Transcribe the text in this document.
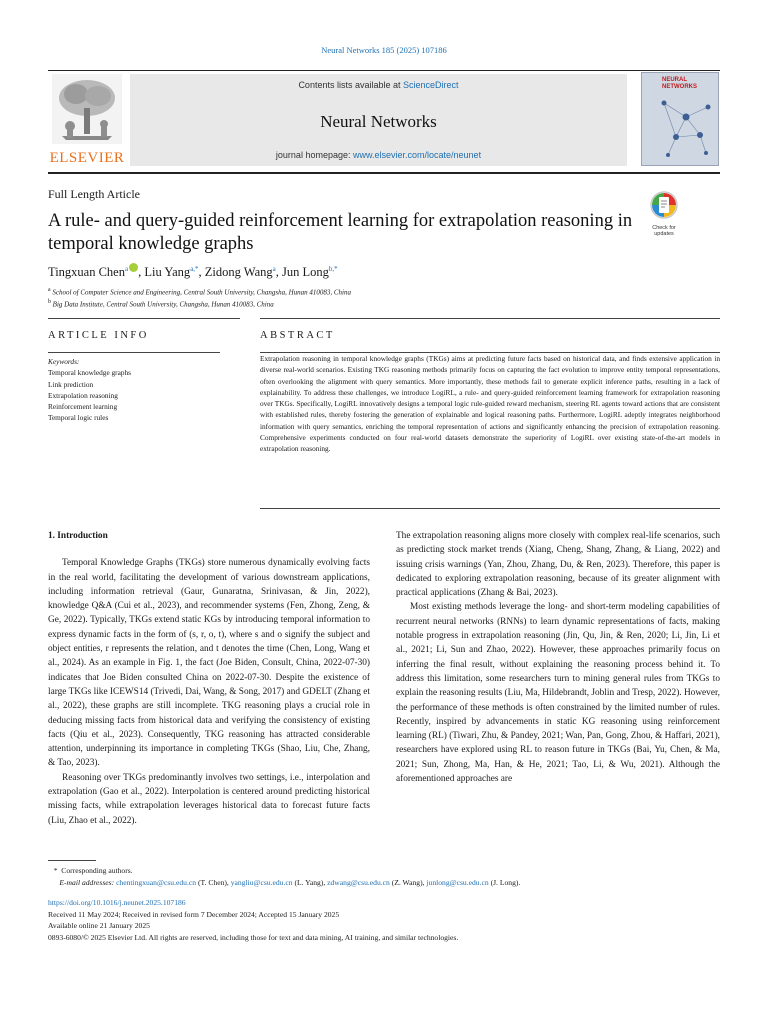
Neural Networks 185 (2025) 107186
ELSEVIER
Contents lists available at ScienceDirect
Neural Networks
journal homepage: www.elsevier.com/locate/neunet
NEURAL NETWORKS
Full Length Article
A rule- and query-guided reinforcement learning for extrapolation reasoning in temporal knowledge graphs
Check for updates
Tingxuan Chen$^a$ , Liu Yang$^{a,*}$, Zidong Wang$^a$, Jun Long$^{b,*}$
$^a$ School of Computer Science and Engineering, Central South University, Changsha, Hunan 410083, China
$^b$ Big Data Institute, Central South University, Changsha, Hunan 410083, China
ARTICLE INFO	ABSTRACT
Keywords:
Temporal knowledge graphs
Link prediction
Extrapolation reasoning
Reinforcement learning
Temporal logic rules
Extrapolation reasoning in temporal knowledge graphs (TKGs) aims at predicting future facts based on historical data, and finds extensive application in diverse real-world scenarios. Existing TKG reasoning methods primarily focus on capturing the fact evolution to improve entity temporal representations, often overlooking the alignment with query semantics. More importantly, these methods fail to generate explicit inference paths, resulting in a lack of explainability. To address these challenges, we introduce LogiRL, a rule- and query-guided reinforcement learning framework for extrapolation reasoning over TKGs. Specifically, LogiRL innovatively designs a temporal logic rule-guided reward mechanism, steering RL agents toward actions that are consistent with established rules, thereby fostering the generation of explainable and logical reasoning paths. Furthermore, LogiRL adeptly integrates neighborhood information with query semantics, enriching the temporal representation of actions and significantly enhancing the precision of extrapolation reasoning. Comprehensive experiments conducted on four real-world datasets demonstrate the superiority of LogiRL over existing state-of-the-art models in extrapolation reasoning.
1. Introduction

Temporal Knowledge Graphs (TKGs) store numerous dynamically evolving facts in the real world, facilitating the development of various downstream applications, including information retrieval (Gaur, Gunaratna, Srinivasan, & Jin, 2022), knowledge Q&A (Cui et al., 2023), and recommender systems (Fen, Zhong, Zeng, & Ge, 2022). Typically, TKGs extend static KGs by introducing temporal information to express dynamic facts in the form of (s, r, o, t), where s and o signify the subject and object entities, r represents the relation, and t denotes the time (Chen, Long, Wang et al., 2024). As an example in Fig. 1, the fact (Joe Biden, Consult, China, 2022-07-30) indicates that Joe Biden consulted China on 2022-07-30. Despite the existence of large TKGs like ICEWS14 (Trivedi, Dai, Wang, & Song, 2017) and GDELT (Zhang et al., 2022), these graphs are still incomplete. TKG reasoning plays a crucial role in deducing missing facts from historical data and verifying the consistency of existing facts (Qiu et al., 2023). Consequently, TKG reasoning has attracted considerable attention, underpinning its importance in completing TKGs (Shao, Liu, Che, Zhang, & Tao, 2023).

Reasoning over TKGs predominantly involves two settings, i.e., interpolation and extrapolation (Gao et al., 2022). Interpolation is centered around predicting historical missing facts, while extrapolation leverages historical data to forecast future facts (Liu, Zhao et al., 2022).

The extrapolation reasoning aligns more closely with complex real-life scenarios, such as predicting stock market trends (Xiang, Cheng, Shang, Zhang, & Liang, 2022) and issuing crisis warnings (Yan, Zhou, Zhang, Du, & Ren, 2023). Therefore, this paper is dedicated to exploring extrapolation reasoning, because of its greater alignment with practical applications (Zhang & Bai, 2023).

Most existing methods leverage the long- and short-term modeling capabilities of recurrent neural networks (RNNs) to learn dynamic representations of facts, making notable progress in extrapolation reasoning (Jin, Qu, Jin, & Ren, 2020; Li, Jin, Li et al., 2021; Li, Sun and Zhao, 2022). However, these approaches primarily focus on inferring the final result, without explaining the reasoning process behind it. To address this limitation, some researchers turn to mining general rules from TKGs to explain the reasoning results (Liu, Ma, Hildebrandt, Joblin and Tresp, 2022). However, the performance of these methods is often constrained by the limited number of rules. Recently, inspired by advancements in static KG reasoning using reinforcement learning (RL) (Tiwari, Zhu, & Pandey, 2021; Wan, Pan, Gong, Zhou, & Haffari, 2021), researchers have explored using RL to reason future in TKGs (Bai, Yu, Chen, & Ma, 2021; Sun, Zhong, Ma, Han, & He, 2021; Tao, Li, & Wu, 2021). Although the aforementioned approaches are

*  Corresponding authors.
E-mail addresses: chentingxuan@csu.edu.cn (T. Chen), yangliu@csu.edu.cn (L. Yang), zdwang@csu.edu.cn (Z. Wang), junlong@csu.edu.cn (J. Long).
https://doi.org/10.1016/j.neunet.2025.107186
Received 11 May 2024; Received in revised form 7 December 2024; Accepted 15 January 2025
Available online 21 January 2025
0893-6080/© 2025 Elsevier Ltd. All rights are reserved, including those for text and data mining, AI training, and similar technologies.
